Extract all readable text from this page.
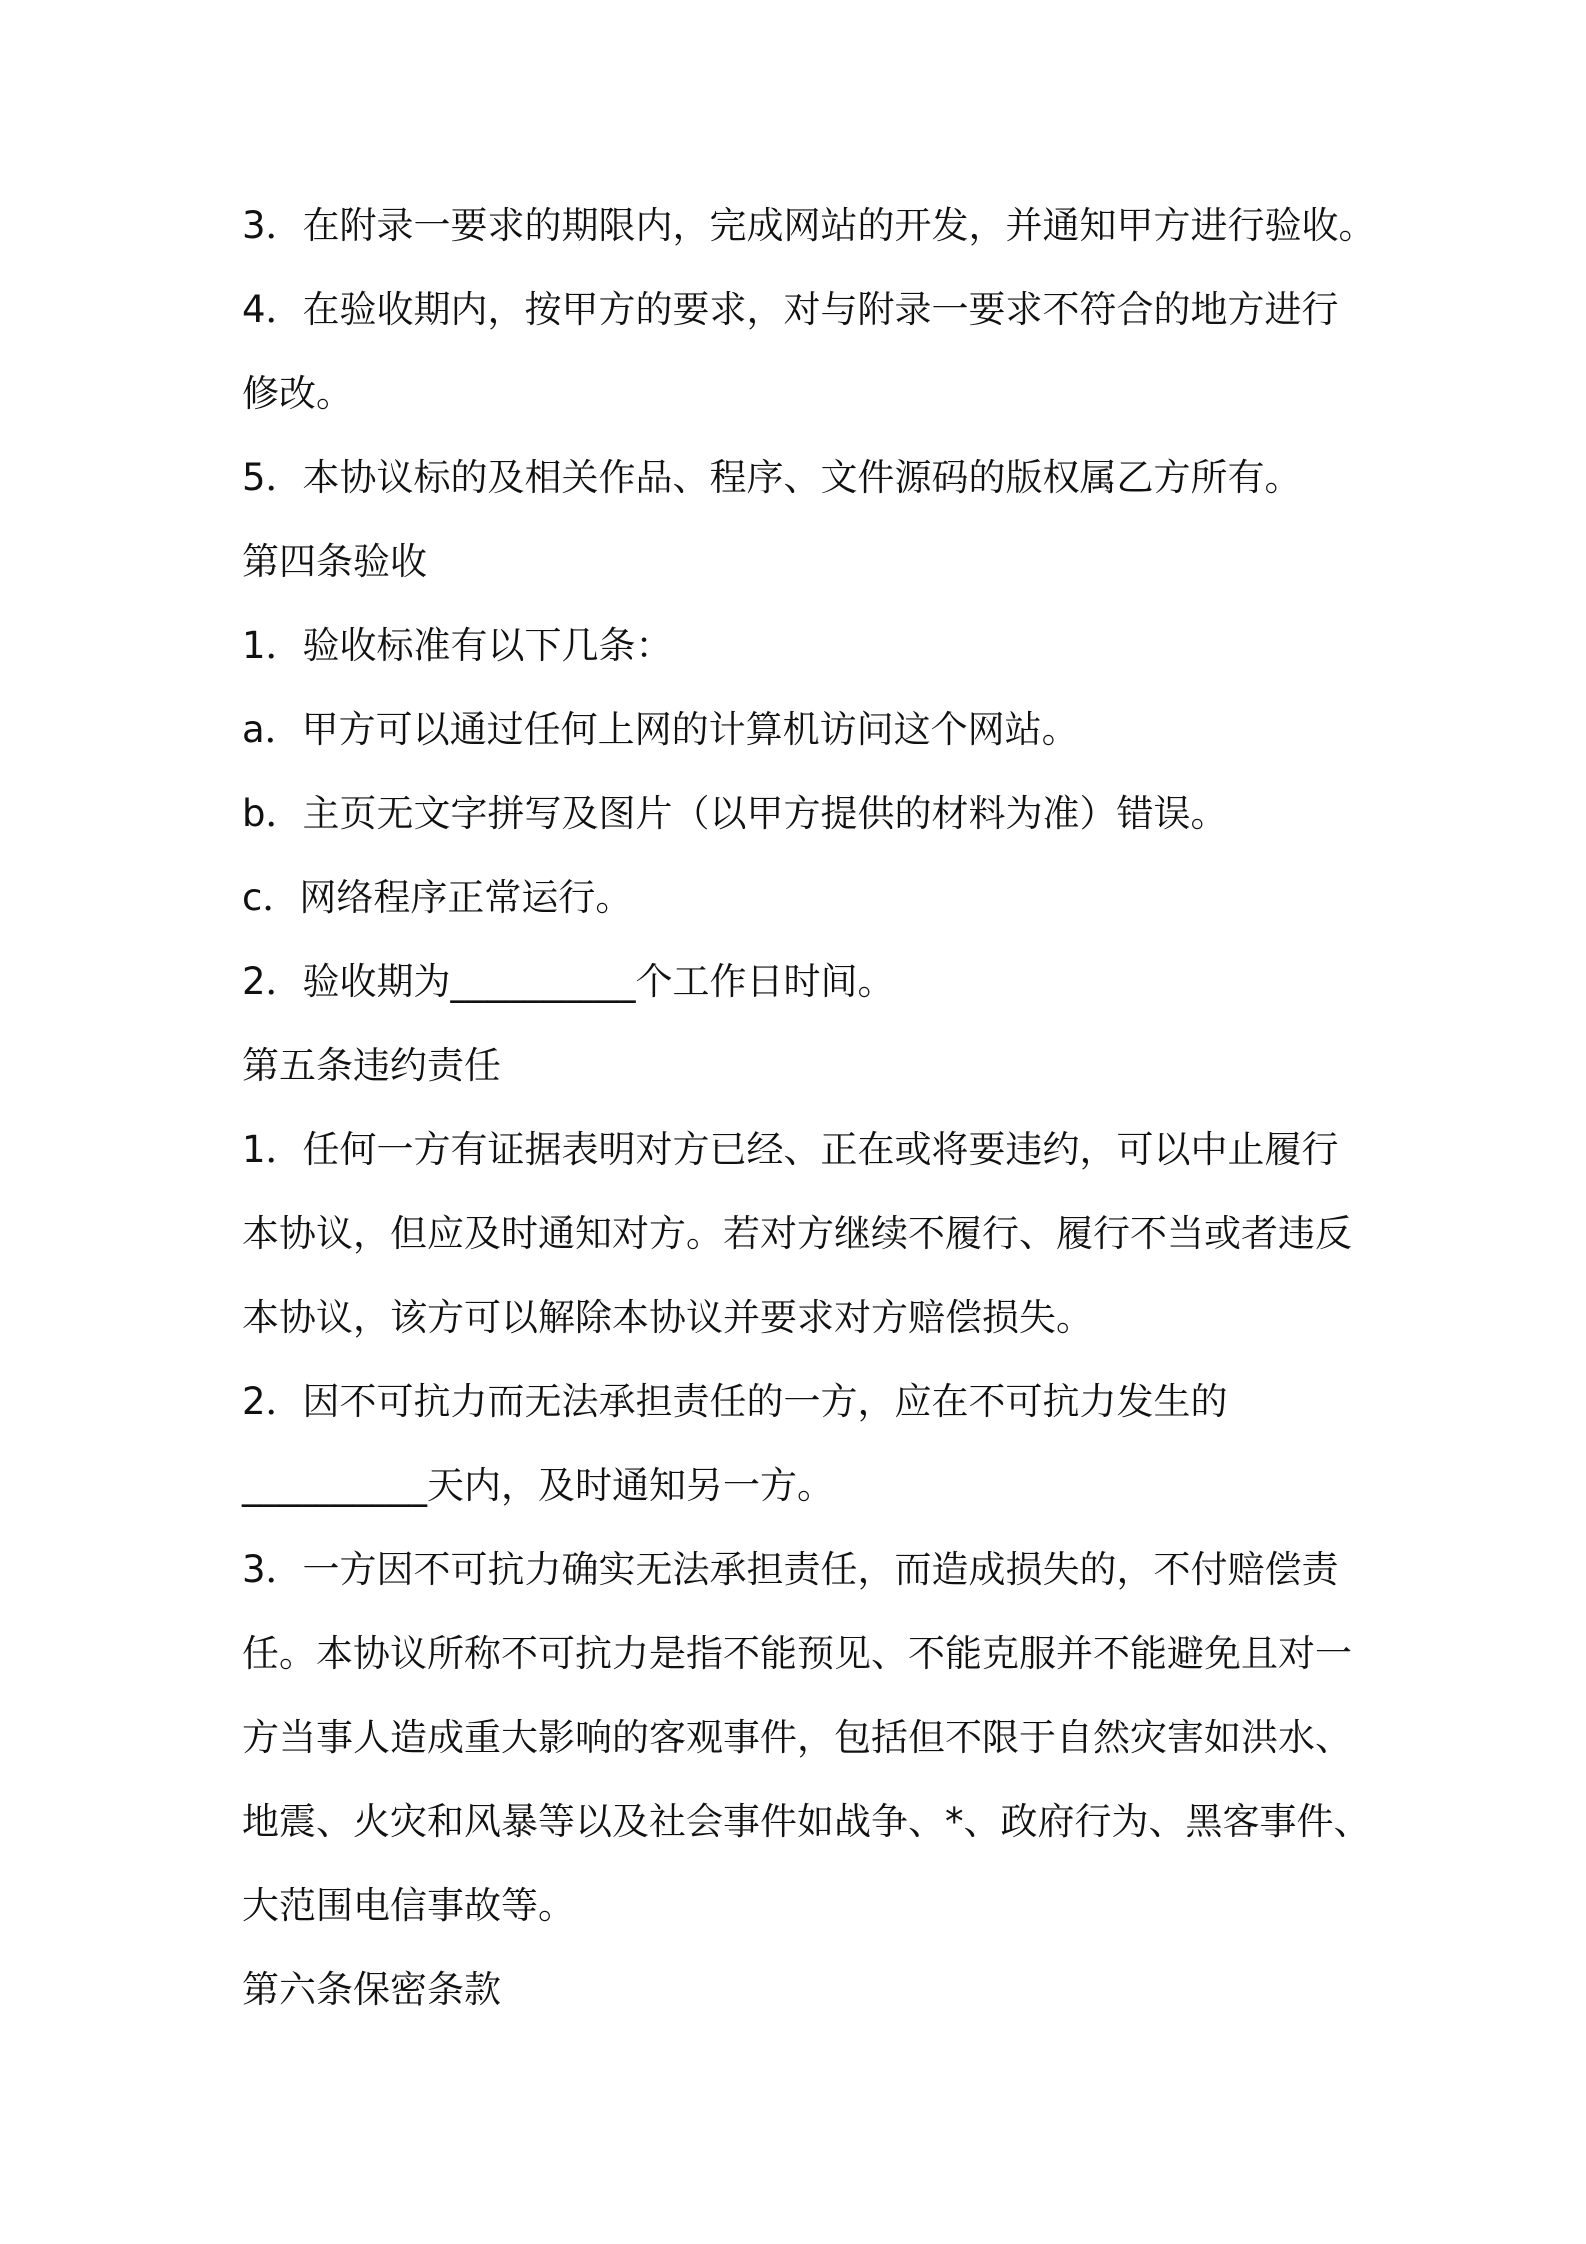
3．在附录一要求的期限内，完成网站的开发，并通知甲方进行验收。
4．在验收期内，按甲方的要求，对与附录一要求不符合的地方进行
修改。
5．本协议标的及相关作品、程序、文件源码的版权属乙方所有。
第四条验收
1．验收标准有以下几条：
a．甲方可以通过任何上网的计算机访问这个网站。
b．主页无文字拼写及图片（以甲方提供的材料为准）错误。
c．网络程序正常运行。
2．验收期为__________个工作日时间。
第五条违约责任
1．任何一方有证据表明对方已经、正在或将要违约，可以中止履行
本协议，但应及时通知对方。若对方继续不履行、履行不当或者违反
本协议，该方可以解除本协议并要求对方赔偿损失。
2．因不可抗力而无法承担责任的一方，应在不可抗力发生的
__________天内，及时通知另一方。
3．一方因不可抗力确实无法承担责任，而造成损失的，不付赔偿责
任。本协议所称不可抗力是指不能预见、不能克服并不能避免且对一
方当事人造成重大影响的客观事件，包括但不限于自然灾害如洪水、
地震、火灾和风暴等以及社会事件如战争、*、政府行为、黑客事件、
大范围电信事故等。
第六条保密条款
